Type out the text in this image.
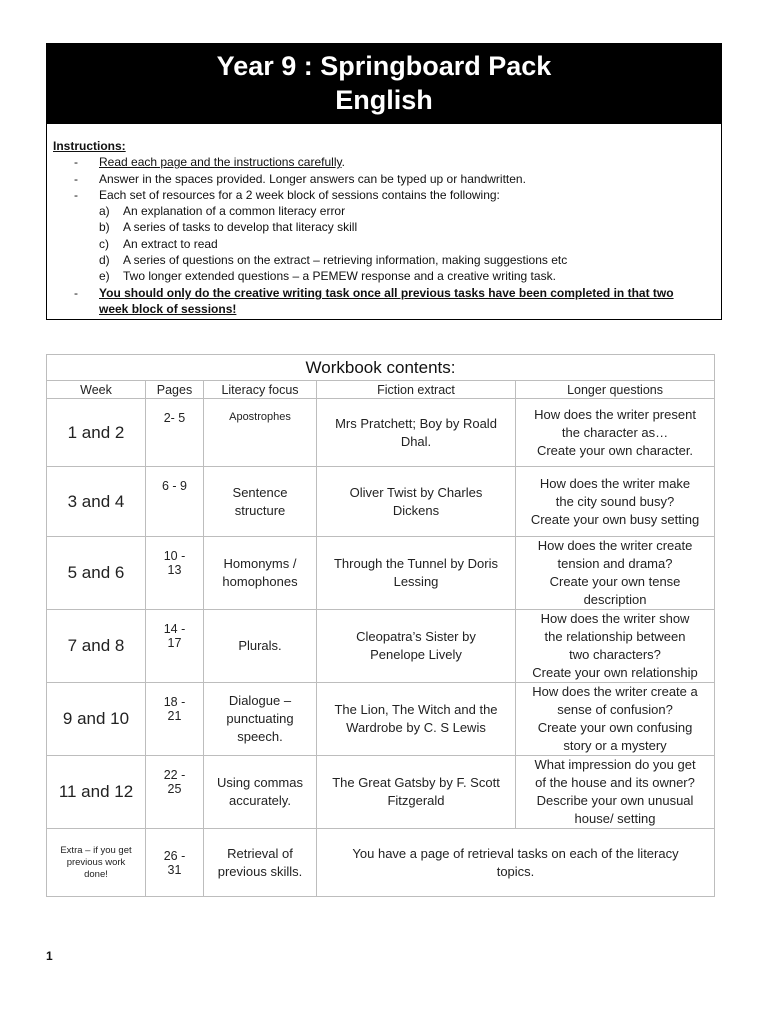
Year 9 : Springboard Pack
English
Instructions:
-	Read each page and the instructions carefully.
-	Answer in the spaces provided. Longer answers can be typed up or handwritten.
-	Each set of resources for a 2 week block of sessions contains the following:
a)	An explanation of a common literacy error
b)	A series of tasks to develop that literacy skill
c)	An extract to read
d)	A series of questions on the extract – retrieving information, making suggestions etc
e)	Two longer extended questions – a PEMEW response and a creative writing task.
-	You should only do the creative writing task once all previous tasks have been completed in that two
week block of sessions!
Workbook contents:				
Week	Pages	Literacy focus	Fiction extract	Longer questions
1 and 2	2- 5	Apostrophes	Mrs Pratchett; Boy by Roald
Dhal.	How does the writer present
the character as…
Create your own character.
3 and 4	6 - 9	Sentence
structure	Oliver Twist by Charles
Dickens	How does the writer make
the city sound busy?
Create your own busy setting
5 and 6	10 -
13	Homonyms /
homophones	Through the Tunnel by Doris
Lessing	How does the writer create
tension and drama?
Create your own tense
description
7 and 8	14 -
17	Plurals.	Cleopatra’s Sister by
Penelope Lively	How does the writer show
the relationship between
two characters?
Create your own relationship
9 and 10	18 -
21	Dialogue –
punctuating
speech.	The Lion, The Witch and the
Wardrobe by C. S Lewis	How does the writer create a
sense of confusion?
Create your own confusing
story or a mystery
11 and 12	22 -
25	Using commas
accurately.	The Great Gatsby by F. Scott
Fitzgerald	What impression do you get
of the house and its owner?
Describe your own unusual
house/ setting
Extra – if you get
previous work
done!	26 -
31	Retrieval of
previous skills.	You have a page of retrieval tasks on each of the literacy
topics.	
1
